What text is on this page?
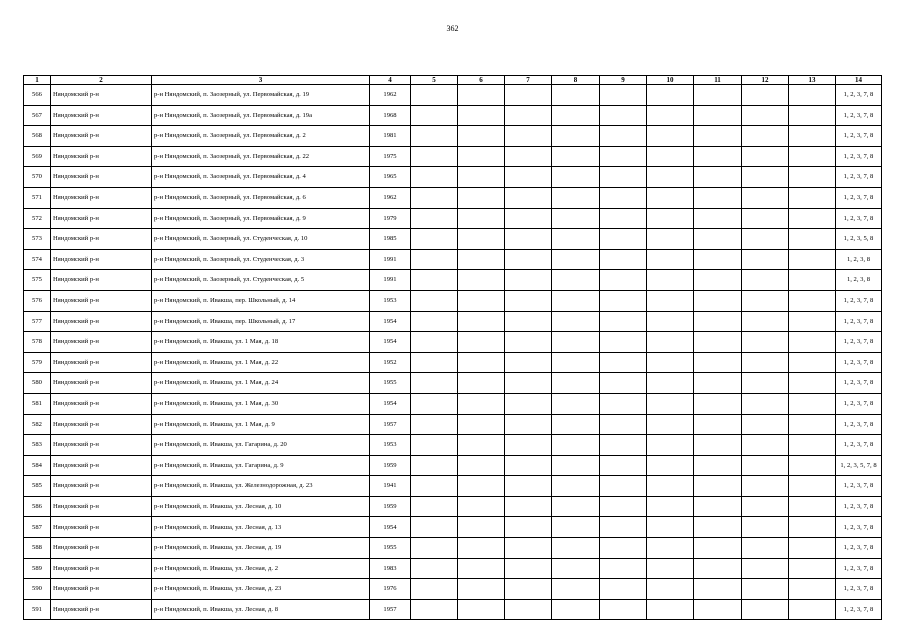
362
1	2	3	4	5	6	7	8	9	10	11	12	13	14
566	Няндомский р-н	р-н Няндомский, п. Заозерный, ул. Первомайская, д. 19	1962										1, 2, 3, 7, 8
567	Няндомский р-н	р-н Няндомский, п. Заозерный, ул. Первомайская, д. 19а	1968										1, 2, 3, 7, 8
568	Няндомский р-н	р-н Няндомский, п. Заозерный, ул. Первомайская, д. 2	1981										1, 2, 3, 7, 8
569	Няндомский р-н	р-н Няндомский, п. Заозерный, ул. Первомайская, д. 22	1975										1, 2, 3, 7, 8
570	Няндомский р-н	р-н Няндомский, п. Заозерный, ул. Первомайская, д. 4	1965										1, 2, 3, 7, 8
571	Няндомский р-н	р-н Няндомский, п. Заозерный, ул. Первомайская, д. 6	1962										1, 2, 3, 7, 8
572	Няндомский р-н	р-н Няндомский, п. Заозерный, ул. Первомайская, д. 9	1979										1, 2, 3, 7, 8
573	Няндомский р-н	р-н Няндомский, п. Заозерный, ул. Студенческая, д. 10	1985										1, 2, 3, 5, 8
574	Няндомский р-н	р-н Няндомский, п. Заозерный, ул. Студенческая, д. 3	1991										1, 2, 3, 8
575	Няндомский р-н	р-н Няндомский, п. Заозерный, ул. Студенческая, д. 5	1991										1, 2, 3, 8
576	Няндомский р-н	р-н Няндомский, п. Ивакша, пер. Школьный, д. 14	1953										1, 2, 3, 7, 8
577	Няндомский р-н	р-н Няндомский, п. Ивакша, пер. Школьный, д. 17	1954										1, 2, 3, 7, 8
578	Няндомский р-н	р-н Няндомский, п. Ивакша, ул. 1 Мая, д. 18	1954										1, 2, 3, 7, 8
579	Няндомский р-н	р-н Няндомский, п. Ивакша, ул. 1 Мая, д. 22	1952										1, 2, 3, 7, 8
580	Няндомский р-н	р-н Няндомский, п. Ивакша, ул. 1 Мая, д. 24	1955										1, 2, 3, 7, 8
581	Няндомский р-н	р-н Няндомский, п. Ивакша, ул. 1 Мая, д. 30	1954										1, 2, 3, 7, 8
582	Няндомский р-н	р-н Няндомский, п. Ивакша, ул. 1 Мая, д. 9	1957										1, 2, 3, 7, 8
583	Няндомский р-н	р-н Няндомский, п. Ивакша, ул. Гагарина, д. 20	1953										1, 2, 3, 7, 8
584	Няндомский р-н	р-н Няндомский, п. Ивакша, ул. Гагарина, д. 9	1959										1, 2, 3, 5, 7, 8
585	Няндомский р-н	р-н Няндомский, п. Ивакша, ул. Железнодорожная, д. 23	1941										1, 2, 3, 7, 8
586	Няндомский р-н	р-н Няндомский, п. Ивакша, ул. Лесная, д. 10	1959										1, 2, 3, 7, 8
587	Няндомский р-н	р-н Няндомский, п. Ивакша, ул. Лесная, д. 13	1954										1, 2, 3, 7, 8
588	Няндомский р-н	р-н Няндомский, п. Ивакша, ул. Лесная, д. 19	1955										1, 2, 3, 7, 8
589	Няндомский р-н	р-н Няндомский, п. Ивакша, ул. Лесная, д. 2	1983										1, 2, 3, 7, 8
590	Няндомский р-н	р-н Няндомский, п. Ивакша, ул. Лесная, д. 23	1976										1, 2, 3, 7, 8
591	Няндомский р-н	р-н Няндомский, п. Ивакша, ул. Лесная, д. 8	1957										1, 2, 3, 7, 8
